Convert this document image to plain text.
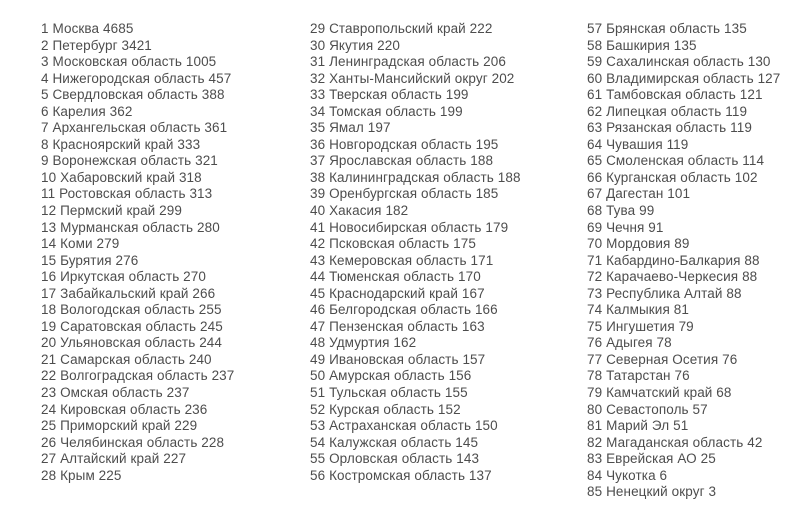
1 Москва 4685
2 Петербург 3421
3 Московская область 1005
4 Нижегородская область 457
5 Свердловская область 388
6 Карелия 362
7 Архангельская область 361
8 Красноярский край 333
9 Воронежская область 321
10 Хабаровский край 318
11 Ростовская область 313
12 Пермский край 299
13 Мурманская область 280
14 Коми 279
15 Бурятия 276
16 Иркутская область 270
17 Забайкальский край 266
18 Вологодская область 255
19 Саратовская область 245
20 Ульяновская область 244
21 Самарская область 240
22 Волгоградская область 237
23 Омская область 237
24 Кировская область 236
25 Приморский край 229
26 Челябинская область 228
27 Алтайский край 227
28 Крым 225
29 Ставропольский край 222
30 Якутия 220
31 Ленинградская область 206
32 Ханты-Мансийский округ 202
33 Тверская область 199
34 Томская область 199
35 Ямал 197
36 Новгородская область 195
37 Ярославская область 188
38 Калининградская область 188
39 Оренбургская область 185
40 Хакасия 182
41 Новосибирская область 179
42 Псковская область 175
43 Кемеровская область 171
44 Тюменская область 170
45 Краснодарский край 167
46 Белгородская область 166
47 Пензенская область 163
48 Удмуртия 162
49 Ивановская область 157
50 Амурская область 156
51 Тульская область 155
52 Курская область 152
53 Астраханская область 150
54 Калужская область 145
55 Орловская область 143
56 Костромская область 137
57 Брянская область 135
58 Башкирия 135
59 Сахалинская область 130
60 Владимирская область 127
61 Тамбовская область 121
62 Липецкая область 119
63 Рязанская область 119
64 Чувашия 119
65 Смоленская область 114
66 Курганская область 102
67 Дагестан 101
68 Тува 99
69 Чечня 91
70 Мордовия 89
71 Кабардино-Балкария 88
72 Карачаево-Черкесия 88
73 Республика Алтай 88
74 Калмыкия 81
75 Ингушетия 79
76 Адыгея 78
77 Северная Осетия 76
78 Татарстан 76
79 Камчатский край 68
80 Севастополь 57
81 Марий Эл 51
82 Магаданская область 42
83 Еврейская АО 25
84 Чукотка 6
85 Ненецкий округ 3
